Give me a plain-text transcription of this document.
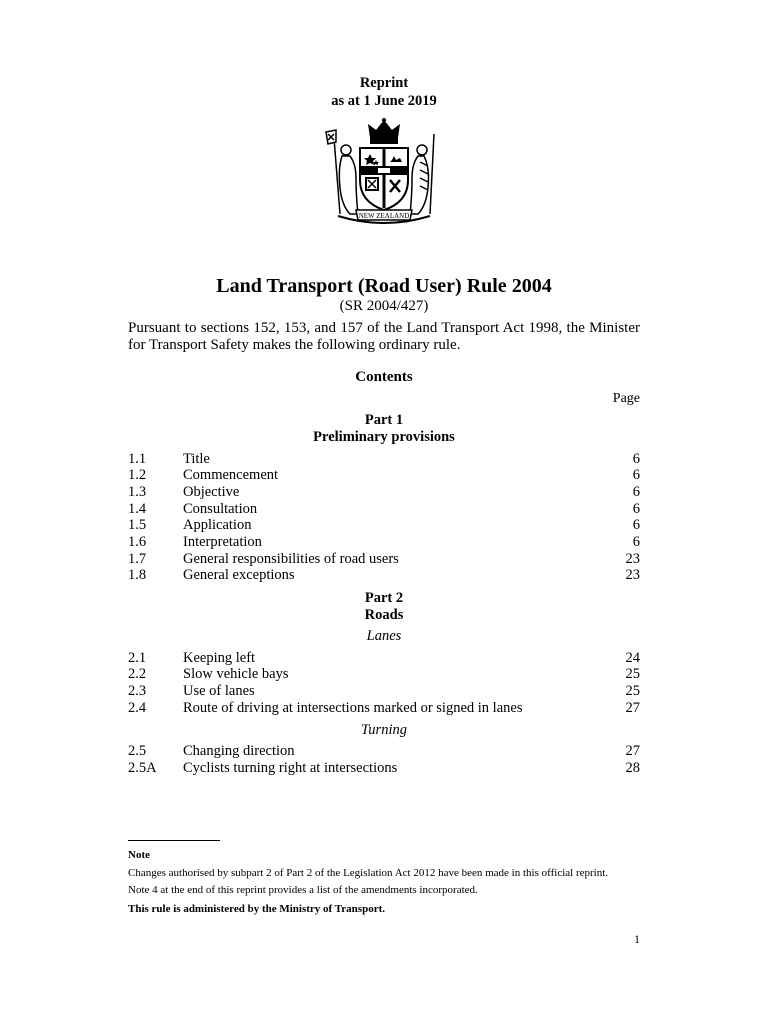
Reprint
as at 1 June 2019
NEW ZEALAND
Land Transport (Road User) Rule 2004
(SR 2004/427)
Pursuant to sections 152, 153, and 157 of the Land Transport Act 1998, the Minister for Transport Safety makes the following ordinary rule.
Contents
Page
Part 1
Preliminary provisions
1.1	Title	6
1.2	Commencement	6
1.3	Objective	6
1.4	Consultation	6
1.5	Application	6
1.6	Interpretation	6
1.7	General responsibilities of road users	23
1.8	General exceptions	23
Part 2
Roads
Lanes
2.1	Keeping left	24
2.2	Slow vehicle bays	25
2.3	Use of lanes	25
2.4	Route of driving at intersections marked or signed in lanes	27
Turning
2.5	Changing direction	27
2.5A Cyclists turning right at intersections	28
Note
Changes authorised by subpart 2 of Part 2 of the Legislation Act 2012 have been made in this official reprint.
Note 4 at the end of this reprint provides a list of the amendments incorporated.
This rule is administered by the Ministry of Transport.
1
